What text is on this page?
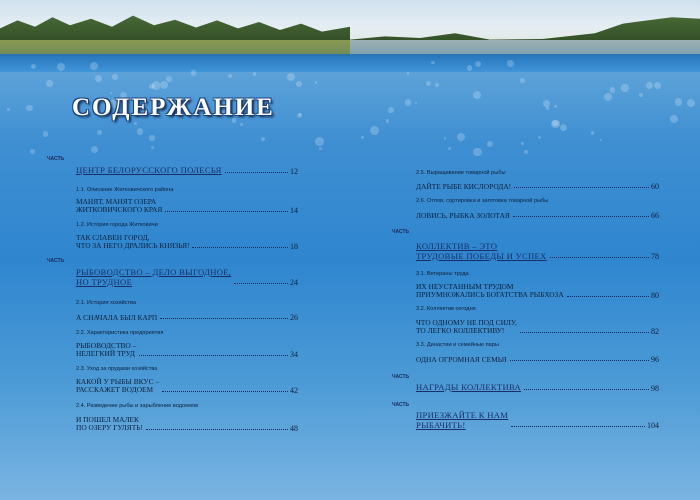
СОДЕРЖАНИЕ
ЧАСТЬ
ЧАСТЬ
ЦЕНТР БЕЛОРУССКОГО ПОЛЕСЬЯ	12
1.1. Описание Житковичского района
МАНЯТ, МАНЯТ ОЗЕРА
ЖИТКОВИЧСКОГО КРАЯ	14
1.2. История города Житковичи
ТАК СЛАВЕН ГОРОД,
ЧТО ЗА НЕГО ДРАЛИСЬ КНЯЗЬЯ!	18
РЫБОВОДСТВО – ДЕЛО ВЫГОДНОЕ,
НО ТРУДНОЕ	24
2.1. История хозяйства
А СНАЧАЛА БЫЛ КАРП	26
2.2. Характеристика предприятия
РЫБОВОДСТВО –
НЕЛЕГКИЙ ТРУД	34
2.3. Уход за прудами хозяйства
КАКОЙ У РЫБЫ ВКУС –
РАССКАЖЕТ ВОДОЕМ	42
2.4. Разведение рыбы и зарыбление водоемов
И ПОШЕЛ МАЛЕК
ПО ОЗЕРУ ГУЛЯТЬ!	48
ЧАСТЬ
ЧАСТЬ
ЧАСТЬ
2.5. Выращивание товарной рыбы
ДАЙТЕ РЫБЕ КИСЛОРОДА!	60
2.6. Отлов, сортировка и заготовка товарной рыбы
ЛОВИСЬ, РЫБКА ЗОЛОТАЯ	66
КОЛЛЕКТИВ – ЭТО
ТРУДОВЫЕ ПОБЕДЫ И УСПЕХ	78
3.1. Ветераны труда
ИХ НЕУСТАННЫМ ТРУДОМ
ПРИУМНОЖАЛИСЬ БОГАТСТВА РЫБХОЗА	80
3.2. Коллектив сегодня
ЧТО ОДНОМУ НЕ ПОД СИЛУ,
ТО ЛЕГКО КОЛЛЕКТИВУ!	82
3.3. Династии и семейные пары
ОДНА ОГРОМНАЯ СЕМЬЯ	96
НАГРАДЫ КОЛЛЕКТИВА	98
ПРИЕЗЖАЙТЕ К НАМ
РЫБАЧИТЬ!	104
